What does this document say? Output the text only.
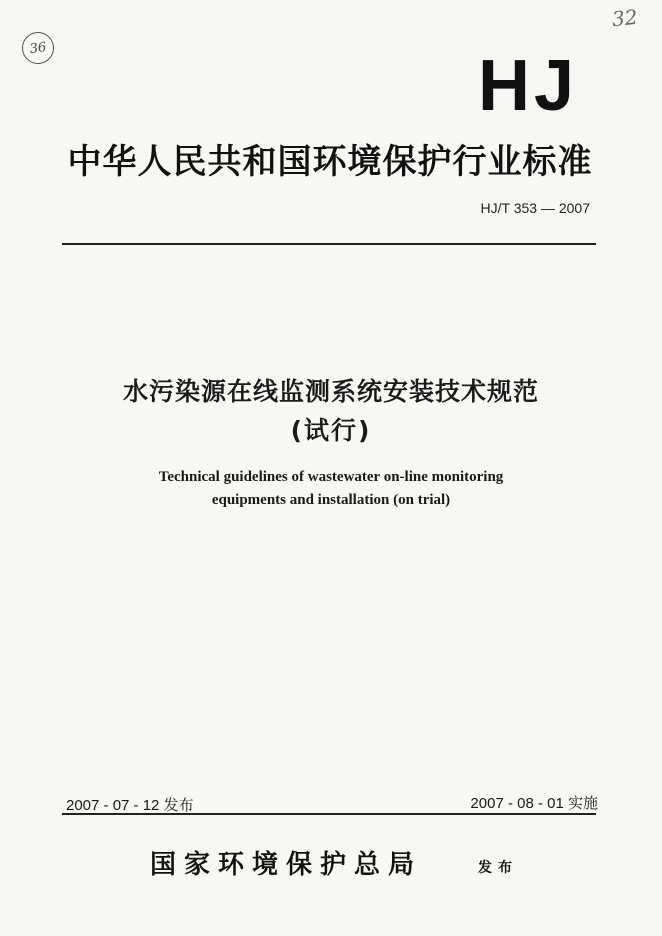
36
32
HJ
中华人民共和国环境保护行业标准
HJ/T 353 — 2007
水污染源在线监测系统安装技术规范
(试行)
Technical guidelines of wastewater on-line monitoring
equipments and installation (on trial)
2007 - 07 - 12 发布	2007 - 08 - 01 实施
国家环境保护总局	发布
